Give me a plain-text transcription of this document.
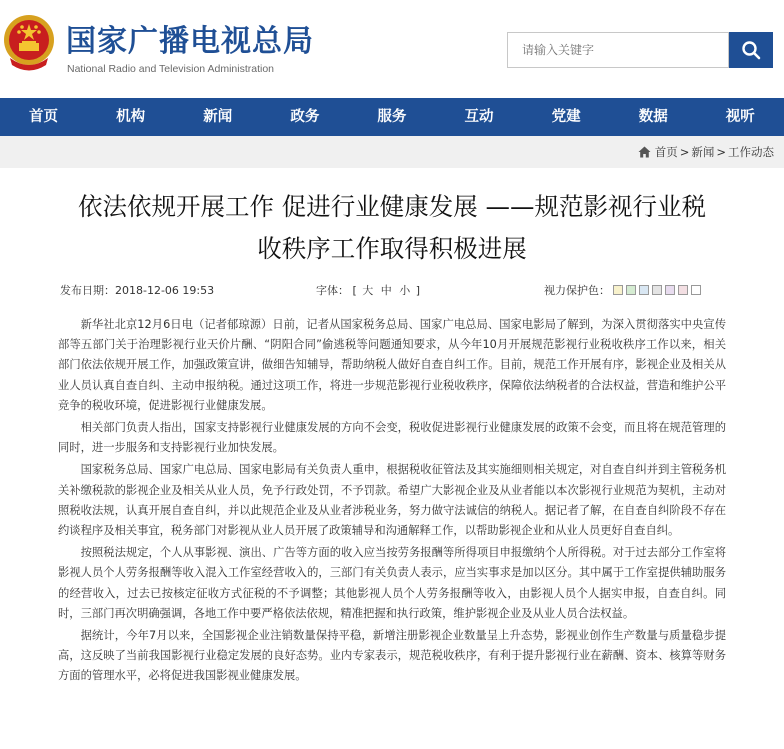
国家广播电视总局
National Radio and Television Administration
请输入关键字
首页	机构	新闻	政务	服务	互动	党建	数据	视听
首页 > 新闻 > 工作动态
依法依规开展工作 促进行业健康发展 ——规范影视行业税
收秩序工作取得积极进展
发布日期：2018-12-06 19:53	字体： [ 大 中 小 ]	视力保护色：

新华社北京12月6日电（记者郁琼源）日前，记者从国家税务总局、国家广电总局、国家电影局了解到，为深入贯彻落实中央宣传部等五部门关于治理影视行业天价片酬、“阴阳合同”偷逃税等问题通知要求，从今年10月开展规范影视行业税收秩序工作以来，相关部门依法依规开展工作，加强政策宣讲，做细告知辅导，帮助纳税人做好自查自纠工作。目前，规范工作开展有序，影视企业及相关从业人员认真自查自纠、主动申报纳税。通过这项工作，将进一步规范影视行业税收秩序，保障依法纳税者的合法权益，营造和维护公平竞争的税收环境，促进影视行业健康发展。

相关部门负责人指出，国家支持影视行业健康发展的方向不会变，税收促进影视行业健康发展的政策不会变，而且将在规范管理的同时，进一步服务和支持影视行业加快发展。

国家税务总局、国家广电总局、国家电影局有关负责人重申，根据税收征管法及其实施细则相关规定，对自查自纠并到主管税务机关补缴税款的影视企业及相关从业人员，免予行政处罚，不予罚款。希望广大影视企业及从业者能以本次影视行业规范为契机，主动对照税收法规，认真开展自查自纠，并以此规范企业及从业者涉税业务，努力做守法诚信的纳税人。据记者了解，在自查自纠阶段不存在约谈程序及相关事宜，税务部门对影视从业人员开展了政策辅导和沟通解释工作，以帮助影视企业和从业人员更好自查自纠。

按照税法规定，个人从事影视、演出、广告等方面的收入应当按劳务报酬等所得项目申报缴纳个人所得税。对于过去部分工作室将影视人员个人劳务报酬等收入混入工作室经营收入的，三部门有关负责人表示，应当实事求是加以区分。其中属于工作室提供辅助服务的经营收入，过去已按核定征收方式征税的不予调整；其他影视人员个人劳务报酬等收入，由影视人员个人据实申报，自查自纠。同时，三部门再次明确强调，各地工作中要严格依法依规，精准把握和执行政策，维护影视企业及从业人员合法权益。

据统计，今年7月以来，全国影视企业注销数量保持平稳，新增注册影视企业数量呈上升态势，影视业创作生产数量与质量稳步提高，这反映了当前我国影视行业稳定发展的良好态势。业内专家表示，规范税收秩序，有利于提升影视行业在薪酬、资本、核算等财务方面的管理水平，必将促进我国影视业健康发展。
